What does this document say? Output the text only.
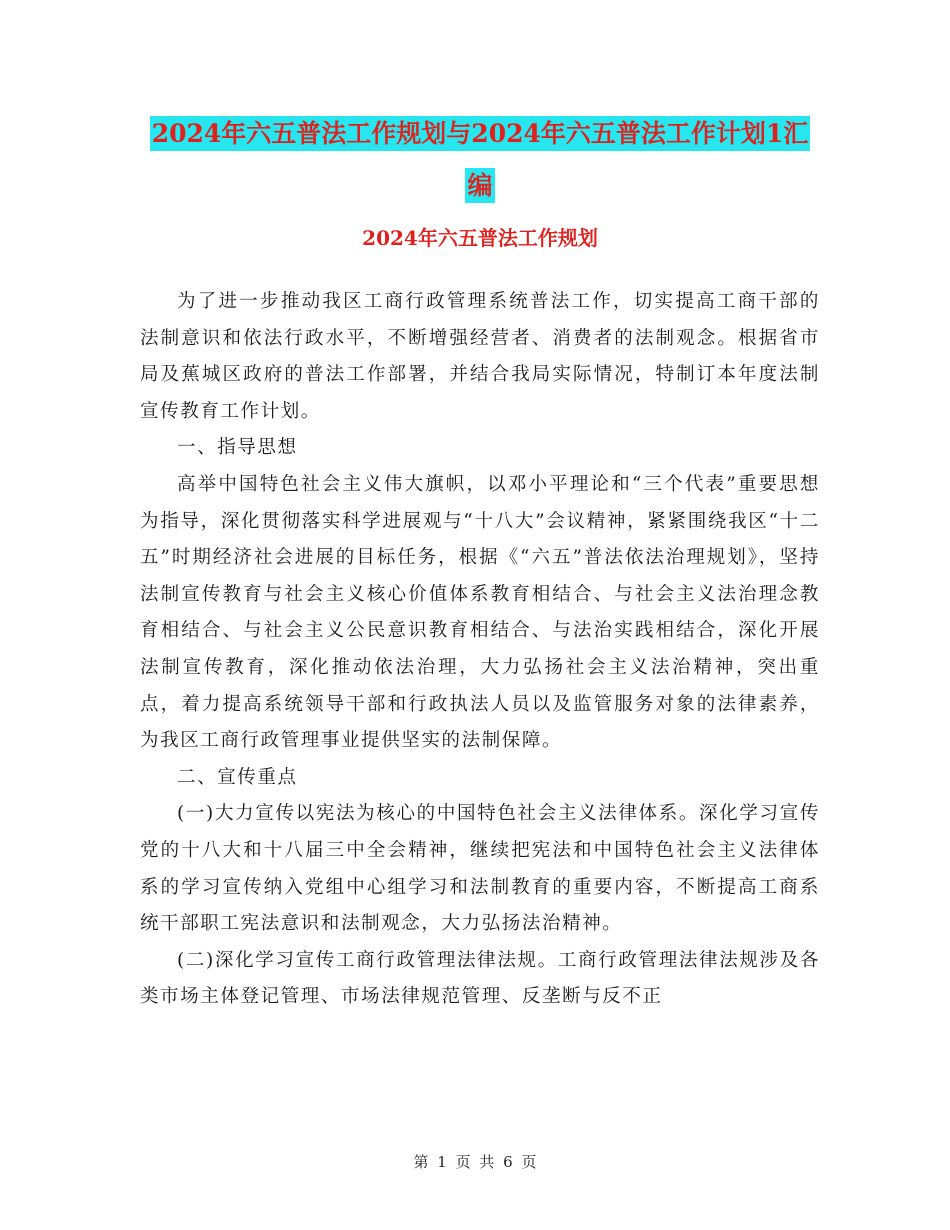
2024年六五普法工作规划与2024年六五普法工作计划1汇编
2024年六五普法工作规划

为了进一步推动我区工商行政管理系统普法工作，切实提高工商干部的法制意识和依法行政水平，不断增强经营者、消费者的法制观念。根据省市局及蕉城区政府的普法工作部署，并结合我局实际情况，特制订本年度法制宣传教育工作计划。

一、指导思想

高举中国特色社会主义伟大旗帜，以邓小平理论和“三个代表”重要思想为指导，深化贯彻落实科学进展观与“十八大”会议精神，紧紧围绕我区“十二五”时期经济社会进展的目标任务，根据《“六五”普法依法治理规划》，坚持法制宣传教育与社会主义核心价值体系教育相结合、与社会主义法治理念教育相结合、与社会主义公民意识教育相结合、与法治实践相结合，深化开展法制宣传教育，深化推动依法治理，大力弘扬社会主义法治精神，突出重点，着力提高系统领导干部和行政执法人员以及监管服务对象的法律素养，为我区工商行政管理事业提供坚实的法制保障。

二、宣传重点

(一)大力宣传以宪法为核心的中国特色社会主义法律体系。深化学习宣传党的十八大和十八届三中全会精神，继续把宪法和中国特色社会主义法律体系的学习宣传纳入党组中心组学习和法制教育的重要内容，不断提高工商系统干部职工宪法意识和法制观念，大力弘扬法治精神。

(二)深化学习宣传工商行政管理法律法规。工商行政管理法律法规涉及各类市场主体登记管理、市场法律规范管理、反垄断与反不正

第 1 页 共 6 页
